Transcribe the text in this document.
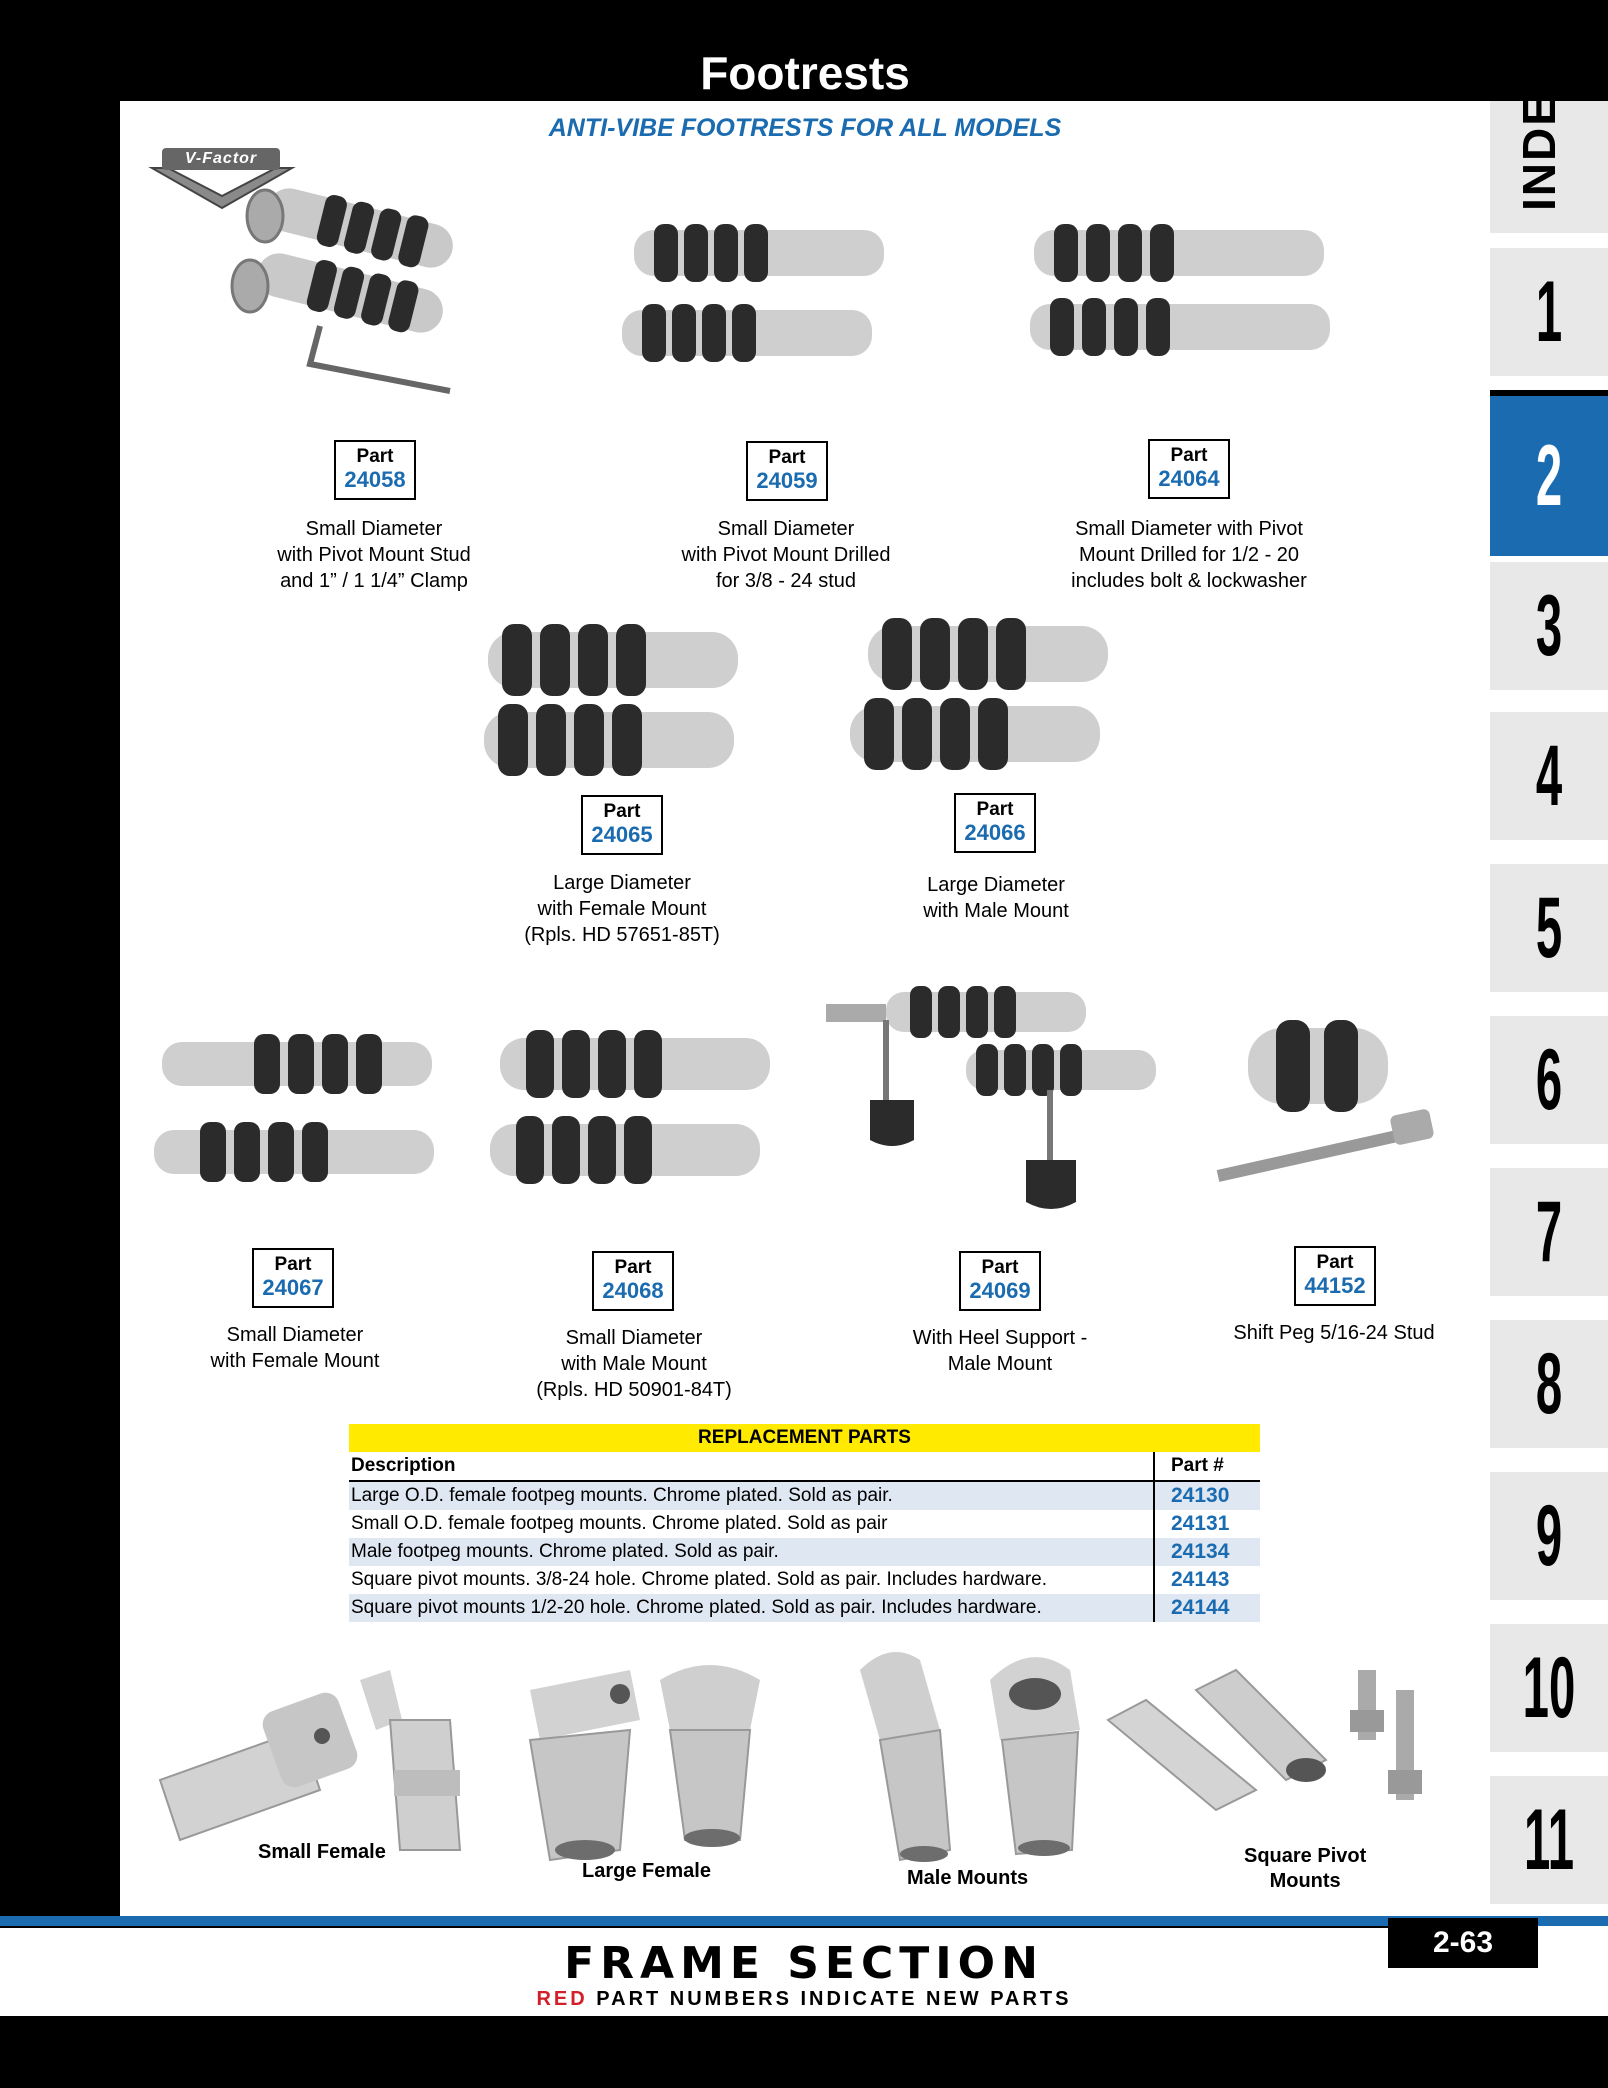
Footrests
ANTI-VIBE FOOTRESTS FOR ALL MODELS
V-Factor
Part
24058
Small Diameter
with Pivot Mount Stud
and 1” / 1 1/4” Clamp
Part
24059
Small Diameter
with Pivot Mount Drilled
for 3/8 - 24 stud
Part
24064
Small Diameter with Pivot
Mount Drilled for 1/2 - 20
includes bolt & lockwasher
Part
24065
Large Diameter
with Female Mount
(Rpls. HD 57651-85T)
Part
24066
Large Diameter
with Male Mount
Part
24067
Small Diameter
with Female Mount
Part
24068
Small Diameter
with Male Mount
(Rpls. HD 50901-84T)
Part
24069
With Heel Support -
Male Mount
Part
44152
Shift Peg 5/16-24 Stud
REPLACEMENT PARTS
Description	Part #
Large O.D. female footpeg mounts. Chrome plated. Sold as pair.	24130
Small O.D. female footpeg mounts. Chrome plated. Sold as pair	24131
Male footpeg mounts. Chrome plated. Sold as pair.	24134
Square pivot mounts. 3/8-24 hole. Chrome plated. Sold as pair. Includes hardware.	24143
Square pivot mounts 1/2-20 hole. Chrome plated. Sold as pair. Includes hardware.	24144
Small Female
Large Female	Male Mounts
Square Pivot
Mounts
INDEX
1
2
3
4
5
6
7
8
9
10
11
FRAME SECTION
RED PART NUMBERS INDICATE NEW PARTS
2-63
